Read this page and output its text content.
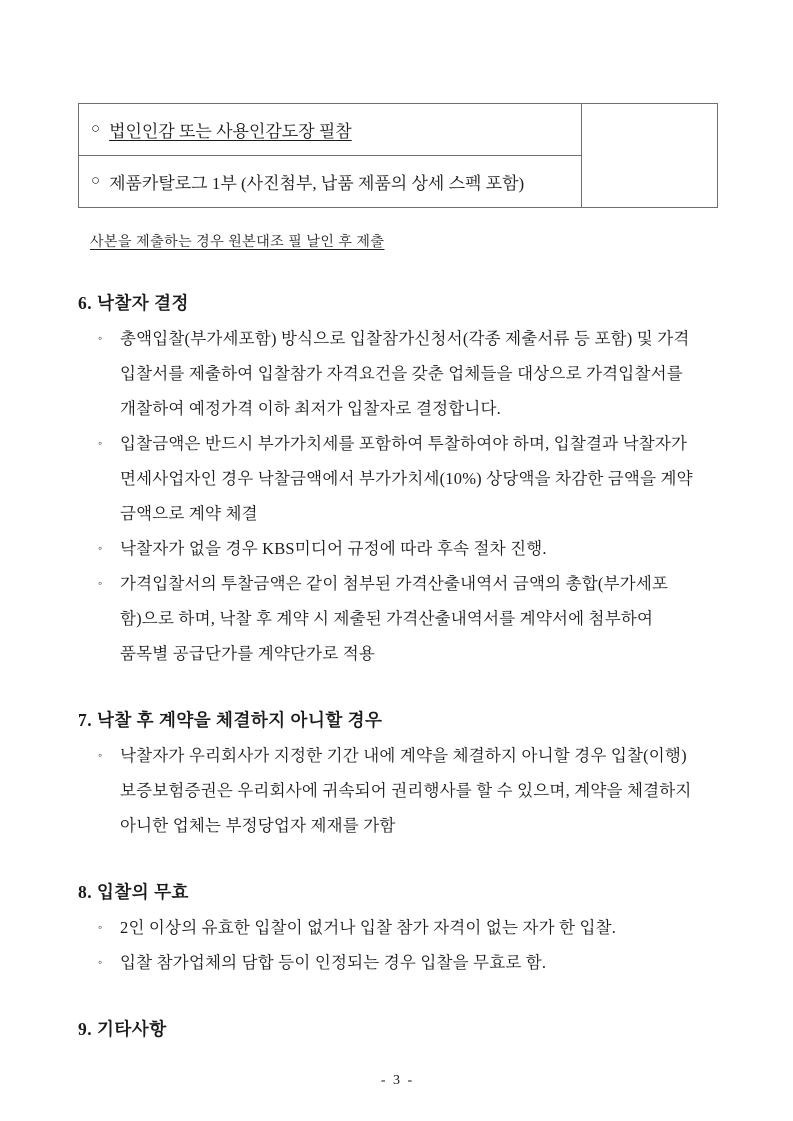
○ 법인인감 또는 사용인감도장 필참

○ 제품카탈로그 1부 (사진첨부, 납품 제품의 상세 스펙 포함)
사본을 제출하는 경우 원본대조 필 날인 후 제출
6. 낙찰자 결정
◦	총액입찰(부가세포함) 방식으로 입찰참가신청서(각종 제출서류 등 포함) 및 가격
입찰서를 제출하여 입찰참가 자격요건을 갖춘 업체들을 대상으로 가격입찰서를
개찰하여 예정가격 이하 최저가 입찰자로 결정합니다.
◦	입찰금액은 반드시 부가가치세를 포함하여 투찰하여야 하며, 입찰결과 낙찰자가
면세사업자인 경우 낙찰금액에서 부가가치세(10%) 상당액을 차감한 금액을 계약
금액으로 계약 체결
◦	낙찰자가 없을 경우 KBS미디어 규정에 따라 후속 절차 진행.
◦	가격입찰서의 투찰금액은 같이 첨부된 가격산출내역서 금액의 총합(부가세포
함)으로 하며, 낙찰 후 계약 시 제출된 가격산출내역서를 계약서에 첨부하여
품목별 공급단가를 계약단가로 적용
7. 낙찰 후 계약을 체결하지 아니할 경우
◦	낙찰자가 우리회사가 지정한 기간 내에 계약을 체결하지 아니할 경우 입찰(이행)
보증보험증권은 우리회사에 귀속되어 권리행사를 할 수 있으며, 계약을 체결하지
아니한 업체는 부정당업자 제재를 가함
8. 입찰의 무효
◦	2인 이상의 유효한 입찰이 없거나 입찰 참가 자격이 없는 자가 한 입찰.
◦	입찰 참가업체의 담합 등이 인정되는 경우 입찰을 무효로 함.
9. 기타사항
- 3 -
